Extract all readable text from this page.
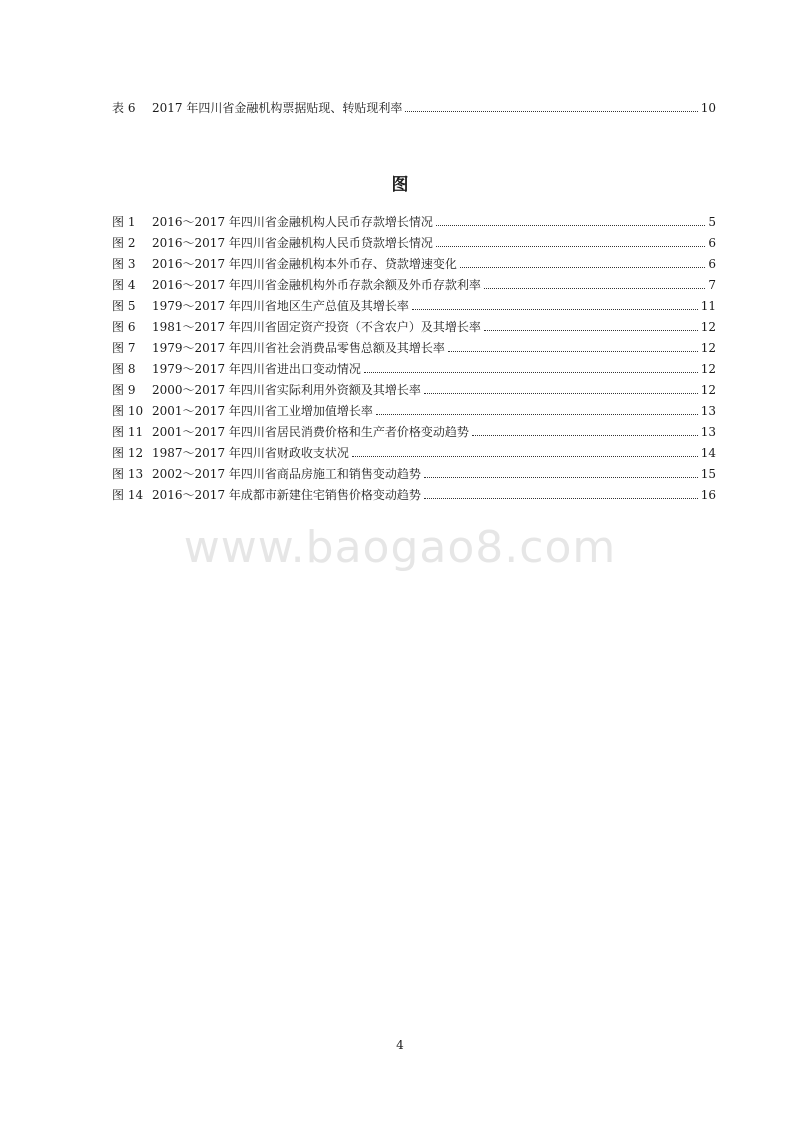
表 6	2017 年四川省金融机构票据贴现、转贴现利率	10
图
图 1	2016～2017 年四川省金融机构人民币存款增长情况	5
图 2	2016～2017 年四川省金融机构人民币贷款增长情况	6
图 3	2016～2017 年四川省金融机构本外币存、贷款增速变化	6
图 4	2016～2017 年四川省金融机构外币存款余额及外币存款利率	7
图 5	1979～2017 年四川省地区生产总值及其增长率	11
图 6	1981～2017 年四川省固定资产投资（不含农户）及其增长率	12
图 7	1979～2017 年四川省社会消费品零售总额及其增长率	12
图 8	1979～2017 年四川省进出口变动情况	12
图 9	2000～2017 年四川省实际利用外资额及其增长率	12
图 10 2001～2017 年四川省工业增加值增长率	13
图 11 2001～2017 年四川省居民消费价格和生产者价格变动趋势	13
图 12 1987～2017 年四川省财政收支状况	14
图 13 2002～2017 年四川省商品房施工和销售变动趋势	15
图 14 2016～2017 年成都市新建住宅销售价格变动趋势	16
www.baogao8.com
4
